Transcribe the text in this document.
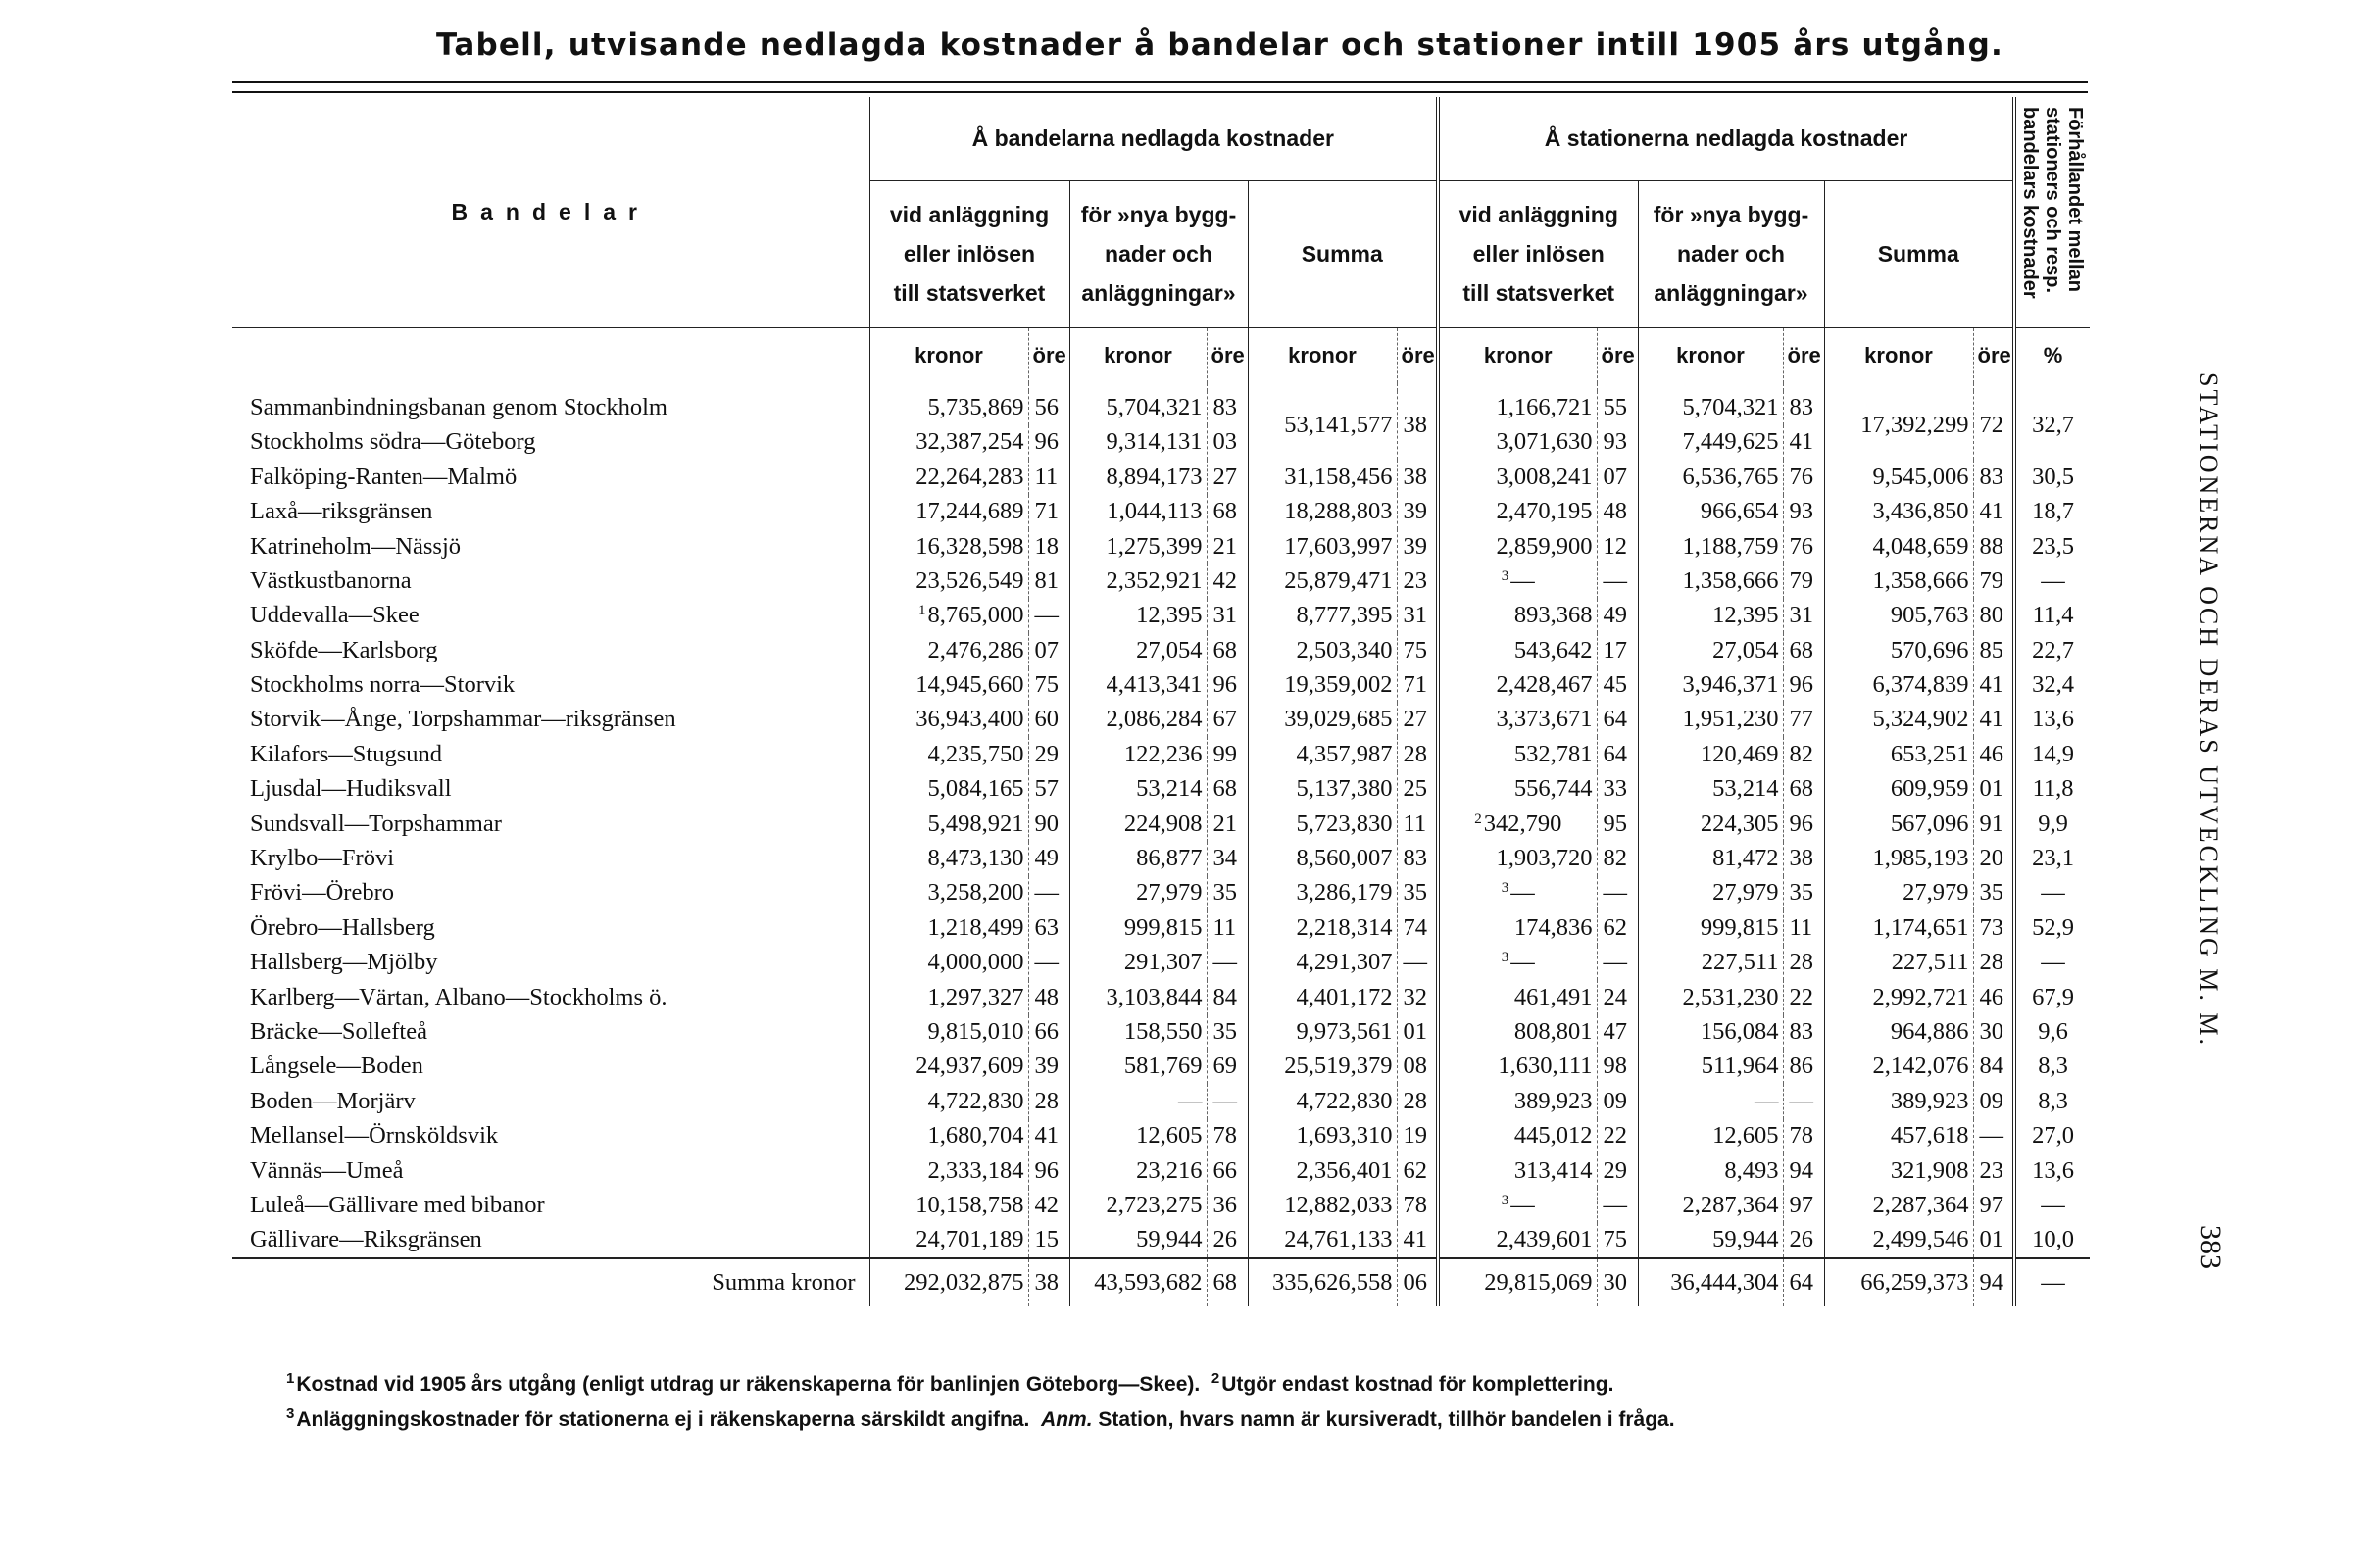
Tabell, utvisande nedlagda kostnader å bandelar och stationer intill 1905 års utgång.
Bandelar	Å bandelarna nedlagda kostnader						Å stationerna nedlagda kostnader						Förhållandet mellan
stationers och resp.
bandelars kostnader
	vid anläggning
eller inlösen
till statsverket		för »nya bygg-
nader och
anläggningar»		Summa		vid anläggning
eller inlösen
till statsverket		för »nya bygg-
nader och
anläggningar»		Summa		
	kronor	öre	kronor	öre	kronor	öre	kronor	öre	kronor	öre	kronor	öre	%

Sammanbindningsbanan genom Stockholm	5,735,869	56	5,704,321	83	53,141,577	38	1,166,721	55	5,704,321	83	17,392,299	72	32,7
Stockholms södra—Göteborg	32,387,254	96	9,314,131	03			3,071,630	93	7,449,625	41			
Falköping-Ranten—Malmö	22,264,283	11	8,894,173	27	31,158,456	38	3,008,241	07	6,536,765	76	9,545,006	83	30,5
Laxå—riksgränsen	17,244,689	71	1,044,113	68	18,288,803	39	2,470,195	48	966,654	93	3,436,850	41	18,7
Katrineholm—Nässjö	16,328,598	18	1,275,399	21	17,603,997	39	2,859,900	12	1,188,759	76	4,048,659	88	23,5
Västkustbanorna	23,526,549	81	2,352,921	42	25,879,471	23	$^3$—	—	1,358,666	79	1,358,666	79	—
Uddevalla—Skee	$^1$8,765,000	—	12,395	31	8,777,395	31	893,368	49	12,395	31	905,763	80	11,4
Sköfde—Karlsborg	2,476,286	07	27,054	68	2,503,340	75	543,642	17	27,054	68	570,696	85	22,7
Stockholms norra—Storvik	14,945,660	75	4,413,341	96	19,359,002	71	2,428,467	45	3,946,371	96	6,374,839	41	32,4
Storvik—Ånge, Torpshammar—riksgränsen	36,943,400	60	2,086,284	67	39,029,685	27	3,373,671	64	1,951,230	77	5,324,902	41	13,6
Kilafors—Stugsund	4,235,750	29	122,236	99	4,357,987	28	532,781	64	120,469	82	653,251	46	14,9
Ljusdal—Hudiksvall	5,084,165	57	53,214	68	5,137,380	25	556,744	33	53,214	68	609,959	01	11,8
Sundsvall—Torpshammar	5,498,921	90	224,908	21	5,723,830	11	$^2$342,790	95	224,305	96	567,096	91	9,9
Krylbo—Frövi	8,473,130	49	86,877	34	8,560,007	83	1,903,720	82	81,472	38	1,985,193	20	23,1
Frövi—Örebro	3,258,200	—	27,979	35	3,286,179	35	$^3$—	—	27,979	35	27,979	35	—
Örebro—Hallsberg	1,218,499	63	999,815	11	2,218,314	74	174,836	62	999,815	11	1,174,651	73	52,9
Hallsberg—Mjölby	4,000,000	—	291,307	—	4,291,307	—	$^3$—	—	227,511	28	227,511	28	—
Karlberg—Värtan, Albano—Stockholms ö.	1,297,327	48	3,103,844	84	4,401,172	32	461,491	24	2,531,230	22	2,992,721	46	67,9
Bräcke—Sollefteå	9,815,010	66	158,550	35	9,973,561	01	808,801	47	156,084	83	964,886	30	9,6
Långsele—Boden	24,937,609	39	581,769	69	25,519,379	08	1,630,111	98	511,964	86	2,142,076	84	8,3
Boden—Morjärv	4,722,830	28	—	—	4,722,830	28	389,923	09	—	—	389,923	09	8,3
Mellansel—Örnsköldsvik	1,680,704	41	12,605	78	1,693,310	19	445,012	22	12,605	78	457,618	—	27,0
Vännäs—Umeå	2,333,184	96	23,216	66	2,356,401	62	313,414	29	8,493	94	321,908	23	13,6
Luleå—Gällivare med bibanor	10,158,758	42	2,723,275	36	12,882,033	78	$^3$—	—	2,287,364	97	2,287,364	97	—
Gällivare—Riksgränsen	24,701,189	15	59,944	26	24,761,133	41	2,439,601	75	59,944	26	2,499,546	01	10,0
Summa kronor	292,032,875	38	43,593,682	68	335,626,558	06	29,815,069	30	36,444,304	64	66,259,373	94	—
$^1$Kostnad vid 1905 års utgång (enligt utdrag ur räkenskaperna för banlinjen Göteborg—Skee). $^2$Utgör endast kostnad för komplettering.
$^3$Anläggningskostnader för stationerna ej i räkenskaperna särskildt angifna. Anm. Station, hvars namn är kursiveradt, tillhör bandelen i fråga.
STATIONERNA OCH DERAS UTVECKLING M. M.
383
